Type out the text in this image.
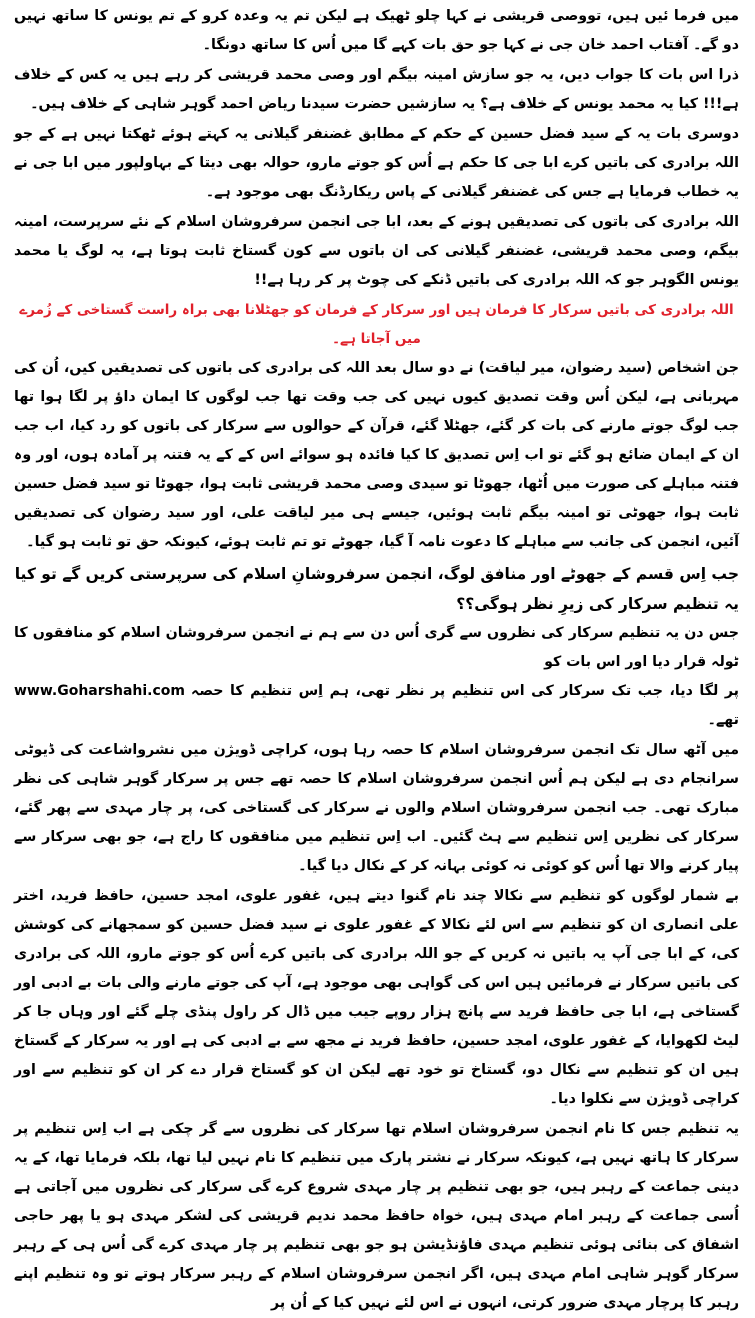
میں فرما ئیں ہیں، تووصی قریشی نے کہا چلو ٹھیک ہے لیکن تم یہ وعدہ کرو کے تم یونس کا ساتھ نہیں دو گے۔ آفتاب احمد خان جی نے کہا جو حق بات کہے گا میں اُس کا ساتھ دونگا۔

ذرا اس بات کا جواب دیں، یہ جو سازش امینہ بیگم اور وصی محمد قریشی کر رہے ہیں یہ کس کے خلاف ہے!!! کیا یہ محمد یونس کے خلاف ہے؟ یہ سازشیں حضرت سیدنا ریاض احمد گوہر شاہی کے خلاف ہیں۔

دوسری بات یہ کے سید فضل حسین کے حکم کے مطابق غضنفر گیلانی یہ کہتے ہوئے ٹھکتا نہیں ہے کے جو اللہ برادری کی باتیں کرے ابا جی کا حکم ہے اُس کو جوتے مارو، حوالہ بھی دیتا کے بہاولپور میں ابا جی نے یہ خطاب فرمایا ہے جس کی غضنفر گیلانی کے پاس ریکارڈنگ بھی موجود ہے۔

اللہ برادری کی باتوں کی تصدیقیں ہونے کے بعد، ابا جی انجمن سرفروشان اسلام کے نئے سرپرست، امینہ بیگم، وصی محمد قریشی، غضنفر گیلانی کی ان باتوں سے کون گستاخ ثابت ہوتا ہے، یہ لوگ یا محمد یونس الگوہر جو کہ اللہ برادری کی باتیں ڈنکے کی چوٹ پر کر رہا ہے!!

اللہ برادری کی باتیں سرکار کا فرمان ہیں اور سرکار کے فرمان کو جھٹلانا بھی براہ راست گستاخی کے زُمرے میں آجاتا ہے۔

جن اشخاص (سید رضوان، میر لیاقت) نے دو سال بعد اللہ کی برادری کی باتوں کی تصدیقیں کیں، اُن کی مہربانی ہے، لیکن اُس وقت تصدیق کیوں نہیں کی جب وقت تھا جب لوگوں کا ایمان داؤ پر لگا ہوا تھا جب لوگ جوتے مارنے کی بات کر گئے، جھٹلا گئے، قرآن کے حوالوں سے سرکار کی باتوں کو رد کیا، اب جب ان کے ایمان ضائع ہو گئے تو اب اِس تصدیق کا کیا فائدہ ہو سوائے اس کے کے یہ فتنہ پر آمادہ ہوں، اور وہ فتنہ مباہلے کی صورت میں اُٹھا، جھوٹا تو سیدی وصی محمد قریشی ثابت ہوا، جھوٹا تو سید فضل حسین ثابت ہوا، جھوٹی تو امینہ بیگم ثابت ہوئیں، جیسے ہی میر لیاقت علی، اور سید رضوان کی تصدیقیں آئیں، انجمن کی جانب سے مباہلے کا دعوت نامہ آ گیا، جھوٹے تو تم ثابت ہوئے، کیونکہ حق تو ثابت ہو گیا۔

جب اِس قسم کے جھوٹے اور منافق لوگ، انجمن سرفروشانِ اسلام کی سرپرستی کریں گے تو کیا یہ تنظیم سرکار کی زیرِ نظر ہوگی؟؟

جس دن یہ تنظیم سرکار کی نظروں سے گری اُس دن سے ہم نے انجمن سرفروشان اسلام کو منافقوں کا ٹولہ قرار دیا اور اس بات کو

پر لگا دیا، جب تک سرکار کی اس تنظیم پر نظر تھی، ہم اِس تنظیم کا حصہ تھے۔
www.Goharshahi.com

میں آٹھ سال تک انجمن سرفروشان اسلام کا حصہ رہا ہوں، کراچی ڈویژن میں نشرواشاعت کی ڈیوٹی سرانجام دی ہے لیکن ہم اُس انجمن سرفروشان اسلام کا حصہ تھے جس پر سرکار گوہر شاہی کی نظر مبارک تھی۔ جب انجمن سرفروشان اسلام والوں نے سرکار کی گستاخی کی، پر چار مہدی سے پھر گئے، سرکار کی نظریں اِس تنظیم سے ہٹ گئیں۔ اب اِس تنظیم میں منافقوں کا راج ہے، جو بھی سرکار سے پیار کرنے والا تھا اُس کو کوئی نہ کوئی بہانہ کر کے نکال دیا گیا۔

بے شمار لوگوں کو تنظیم سے نکالا چند نام گنوا دیتے ہیں، غفور علوی، امجد حسین، حافظ فرید، اختر علی انصاری ان کو تنظیم سے اس لئے نکالا کے غفور علوی نے سید فضل حسین کو سمجھانے کی کوشش کی، کے ابا جی آپ یہ باتیں نہ کریں کے جو اللہ برادری کی باتیں کرے اُس کو جوتے مارو، اللہ کی برادری کی باتیں سرکار نے فرمائیں ہیں اس کی گواہی بھی موجود ہے، آپ کی جوتے مارنے والی بات بے ادبی اور گستاخی ہے، ابا جی حافظ فرید سے پانچ ہزار روپے جیب میں ڈال کر راول پنڈی چلے گئے اور وہاں جا کر لیٹ لکھوایا، کے غفور علوی، امجد حسین، حافظ فرید نے مجھ سے بے ادبی کی ہے اور یہ سرکار کے گستاخ ہیں ان کو تنظیم سے نکال دو، گستاخ تو خود تھے لیکن ان کو گستاخ قرار دے کر ان کو تنظیم سے اور کراچی ڈویژن سے نکلوا دیا۔

یہ تنظیم جس کا نام انجمن سرفروشان اسلام تھا سرکار کی نظروں سے گر چکی ہے اب اِس تنظیم پر سرکار کا ہاتھ نہیں ہے، کیونکہ سرکار نے نشتر پارک میں تنظیم کا نام نہیں لیا تھا، بلکہ فرمایا تھا، کے یہ دینی جماعت کے رہبر ہیں، جو بھی تنظیم پر چار مہدی شروع کرے گی سرکار کی نظروں میں آجاتی ہے اُسی جماعت کے رہبر امام مہدی ہیں، خواہ حافظ محمد ندیم قریشی کی لشکر مہدی ہو یا پھر حاجی اشفاق کی بنائی ہوئی تنظیم مہدی فاؤنڈیشن ہو جو بھی تنظیم پر چار مہدی کرے گی اُس ہی کے رہبر سرکار گوہر شاہی امام مہدی ہیں، اگر انجمن سرفروشان اسلام کے رہبر سرکار ہوتے تو وہ تنظیم اپنے رہبر کا پرچار مہدی ضرور کرتی، انہوں نے اس لئے نہیں کیا کے اُن پر
